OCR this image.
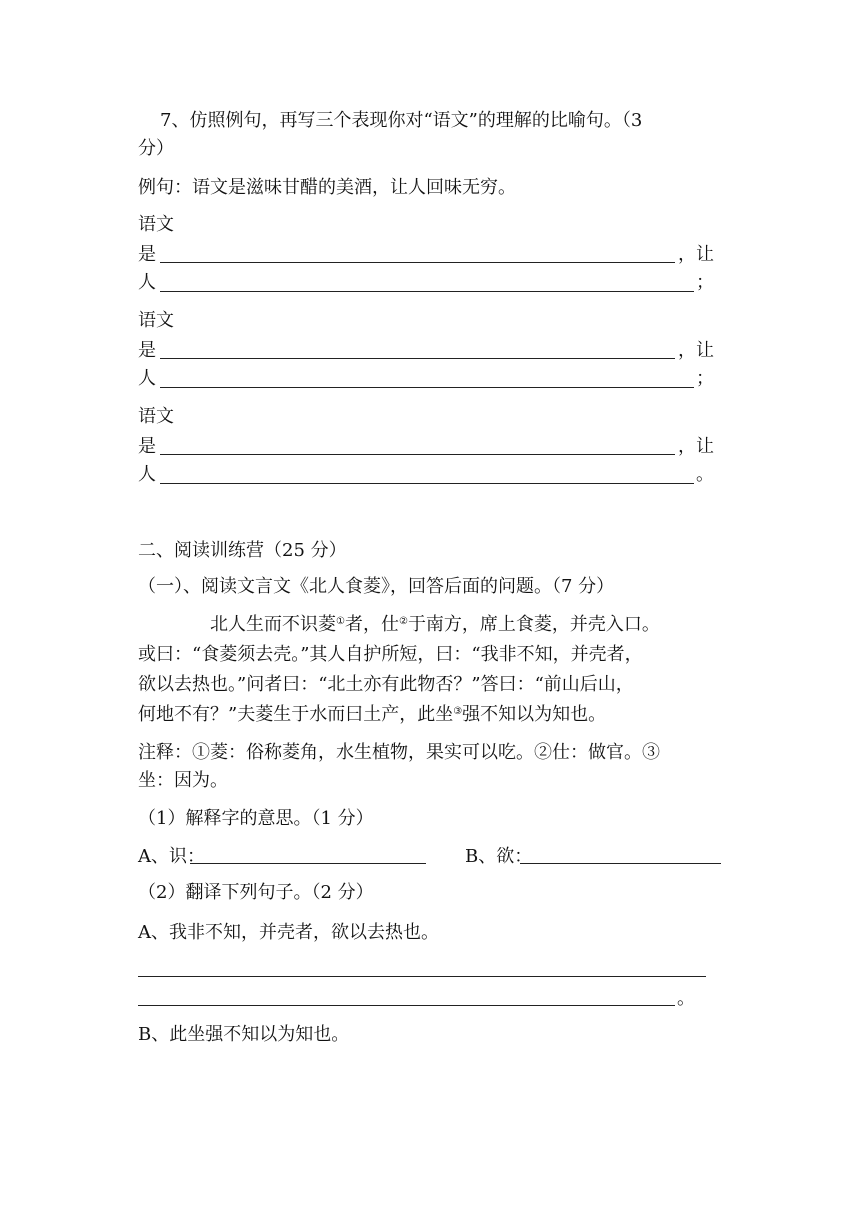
7、仿照例句，再写三个表现你对“语文”的理解的比喻句。（3
分）
例句：语文是滋味甘醋的美酒，让人回味无穷。
语文
是	，让
人	；
语文
是	，让
人	；
语文
是	，让
人	。
二、阅读训练营（25 分）
（一）、阅读文言文《北人食菱》，回答后面的问题。（7 分）
北人生而不识菱①者，仕②于南方，席上食菱，并壳入口。
或曰：“食菱须去壳。”其人自护所短，曰：“我非不知，并壳者，
欲以去热也。”问者曰：“北土亦有此物否？”答曰：“前山后山，
何地不有？”夫菱生于水而曰土产，此坐③强不知以为知也。
注释：①菱：俗称菱角，水生植物，果实可以吃。②仕：做官。③
坐：因为。
（1）解释字的意思。（1 分）
A、识：	B、欲：
（2）翻译下列句子。（2 分）
A、我非不知，并壳者，欲以去热也。
。
B、此坐强不知以为知也。
